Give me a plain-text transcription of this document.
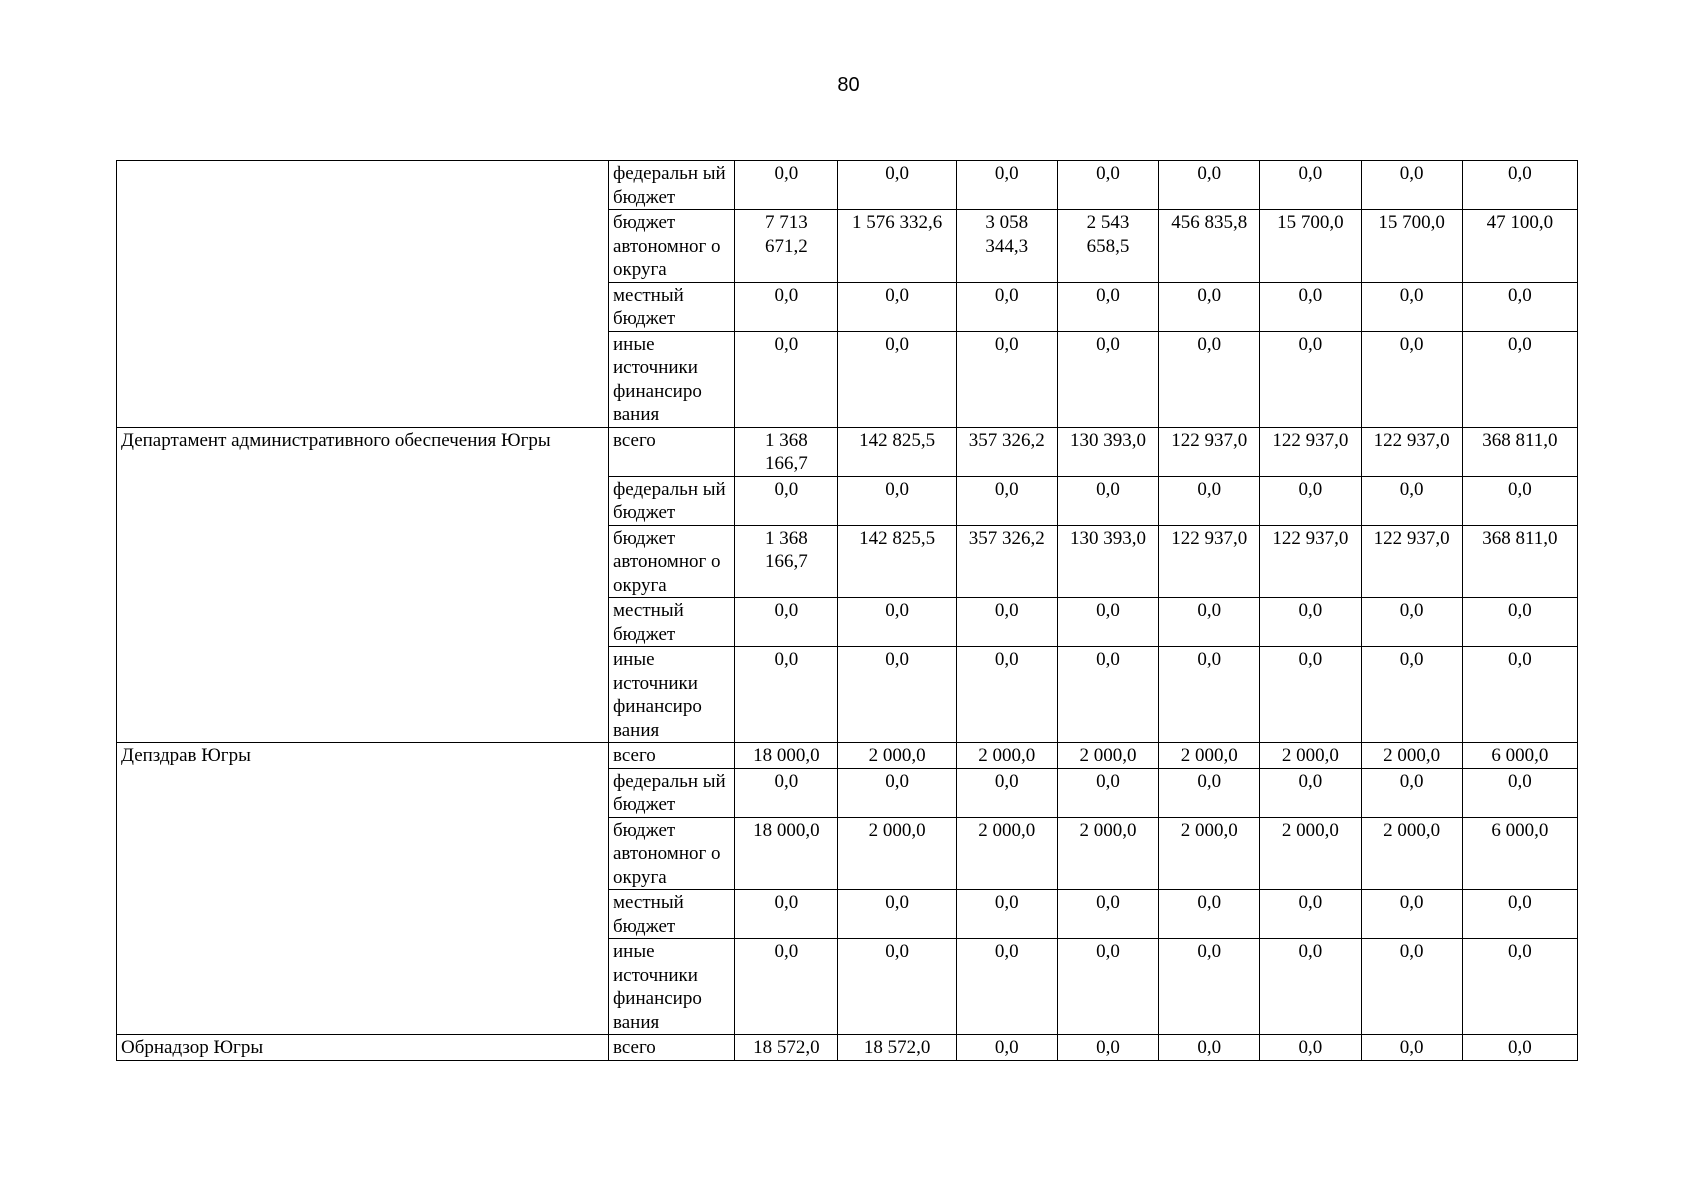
80
	федеральн ый бюджет	0,0	0,0	0,0	0,0	0,0	0,0	0,0	0,0
	бюджет автономног о округа	7 713 671,2	1 576 332,6	3 058 344,3	2 543 658,5	456 835,8	15 700,0	15 700,0	47 100,0
	местный бюджет	0,0	0,0	0,0	0,0	0,0	0,0	0,0	0,0
	иные источники финансиро вания	0,0	0,0	0,0	0,0	0,0	0,0	0,0	0,0
Департамент административного обеспечения Югры	всего	1 368 166,7	142 825,5	357 326,2	130 393,0	122 937,0	122 937,0	122 937,0	368 811,0
	федеральн ый бюджет	0,0	0,0	0,0	0,0	0,0	0,0	0,0	0,0
	бюджет автономног о округа	1 368 166,7	142 825,5	357 326,2	130 393,0	122 937,0	122 937,0	122 937,0	368 811,0
	местный бюджет	0,0	0,0	0,0	0,0	0,0	0,0	0,0	0,0
	иные источники финансиро вания	0,0	0,0	0,0	0,0	0,0	0,0	0,0	0,0
Депздрав Югры	всего	18 000,0	2 000,0	2 000,0	2 000,0	2 000,0	2 000,0	2 000,0	6 000,0
	федеральн ый бюджет	0,0	0,0	0,0	0,0	0,0	0,0	0,0	0,0
	бюджет автономног о округа	18 000,0	2 000,0	2 000,0	2 000,0	2 000,0	2 000,0	2 000,0	6 000,0
	местный бюджет	0,0	0,0	0,0	0,0	0,0	0,0	0,0	0,0
	иные источники финансиро вания	0,0	0,0	0,0	0,0	0,0	0,0	0,0	0,0
Обрнадзор Югры	всего	18 572,0	18 572,0	0,0	0,0	0,0	0,0	0,0	0,0
